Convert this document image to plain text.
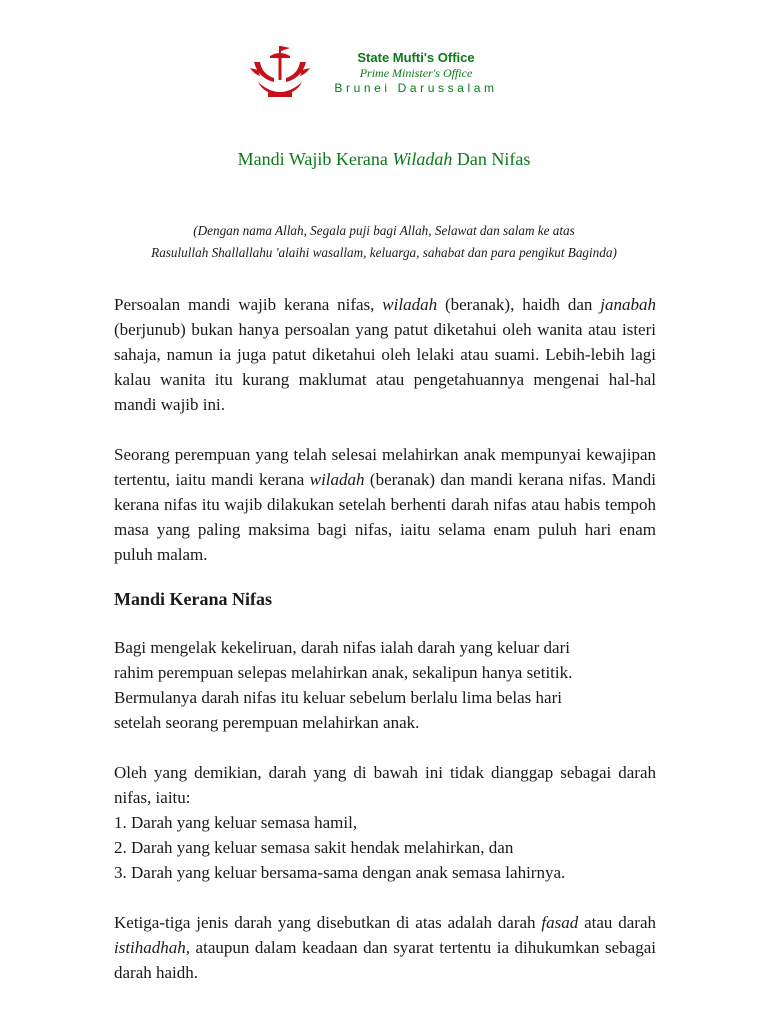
State Mufti's Office
Prime Minister's Office
Brunei Darussalam
Mandi Wajib Kerana Wiladah Dan Nifas
(Dengan nama Allah, Segala puji bagi Allah, Selawat dan salam ke atas
Rasulullah Shallallahu 'alaihi wasallam, keluarga, sahabat dan para pengikut Baginda)

Persoalan mandi wajib kerana nifas, wiladah (beranak), haidh dan janabah (berjunub) bukan hanya persoalan yang patut diketahui oleh wanita atau isteri sahaja, namun ia juga patut diketahui oleh lelaki atau suami. Lebih-lebih lagi kalau wanita itu kurang maklumat atau pengetahuannya mengenai hal-hal mandi wajib ini.

Seorang perempuan yang telah selesai melahirkan anak mempunyai kewajipan tertentu, iaitu mandi kerana wiladah (beranak) dan mandi kerana nifas. Mandi kerana nifas itu wajib dilakukan setelah berhenti darah nifas atau habis tempoh masa yang paling maksima bagi nifas, iaitu selama enam puluh hari enam puluh malam.

Mandi Kerana Nifas

Bagi mengelak kekeliruan, darah nifas ialah darah yang keluar dari
rahim perempuan selepas melahirkan anak, sekalipun hanya setitik.
Bermulanya darah nifas itu keluar sebelum berlalu lima belas hari
setelah seorang perempuan melahirkan anak.

Oleh yang demikian, darah yang di bawah ini tidak dianggap sebagai darah nifas, iaitu:

1. Darah yang keluar semasa hamil,

2. Darah yang keluar semasa sakit hendak melahirkan, dan

3. Darah yang keluar bersama-sama dengan anak semasa lahirnya.

Ketiga-tiga jenis darah yang disebutkan di atas adalah darah fasad atau darah istihadhah, ataupun dalam keadaan dan syarat tertentu ia dihukumkan sebagai darah haidh.
